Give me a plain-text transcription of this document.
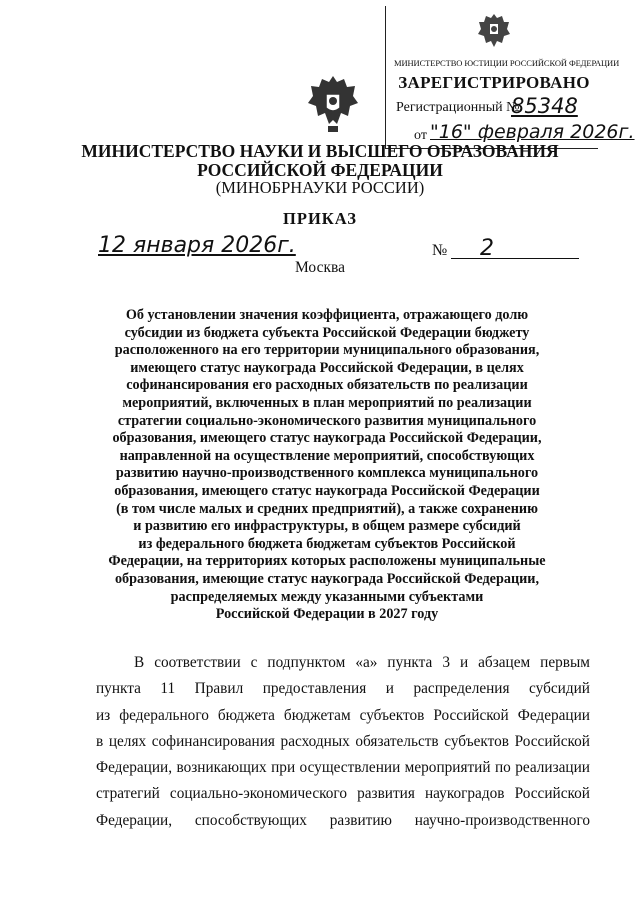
МИНИСТЕРСТВО ЮСТИЦИИ РОССИЙСКОЙ ФЕДЕРАЦИИ
ЗАРЕГИСТРИРОВАНО
Регистрационный №
85348
от "16" февраля 2026г.
МИНИСТЕРСТВО НАУКИ И ВЫСШЕГО ОБРАЗОВАНИЯ
РОССИЙСКОЙ ФЕДЕРАЦИИ
(МИНОБРНАУКИ РОССИИ)
ПРИКАЗ
12 января 2026г.	№ 2
Москва
Об установлении значения коэффициента, отражающего долю
субсидии из бюджета субъекта Российской Федерации бюджету
расположенного на его территории муниципального образования,
имеющего статус наукограда Российской Федерации, в целях
софинансирования его расходных обязательств по реализации
мероприятий, включенных в план мероприятий по реализации
стратегии социально-экономического развития муниципального
образования, имеющего статус наукограда Российской Федерации,
направленной на осуществление мероприятий, способствующих
развитию научно-производственного комплекса муниципального
образования, имеющего статус наукограда Российской Федерации
(в том числе малых и средних предприятий), а также сохранению
и развитию его инфраструктуры, в общем размере субсидий
из федерального бюджета бюджетам субъектов Российской
Федерации, на территориях которых расположены муниципальные
образования, имеющие статус наукограда Российской Федерации,
распределяемых между указанными субъектами
Российской Федерации в 2027 году
В соответствии с подпунктом «а» пункта 3 и абзацем первым
пункта 11 Правил предоставления и распределения субсидий
из федерального бюджета бюджетам субъектов Российской Федерации
в целях софинансирования расходных обязательств субъектов Российской
Федерации, возникающих при осуществлении мероприятий по реализации
стратегий социально-экономического развития наукоградов Российской
Федерации, способствующих развитию научно-производственного
